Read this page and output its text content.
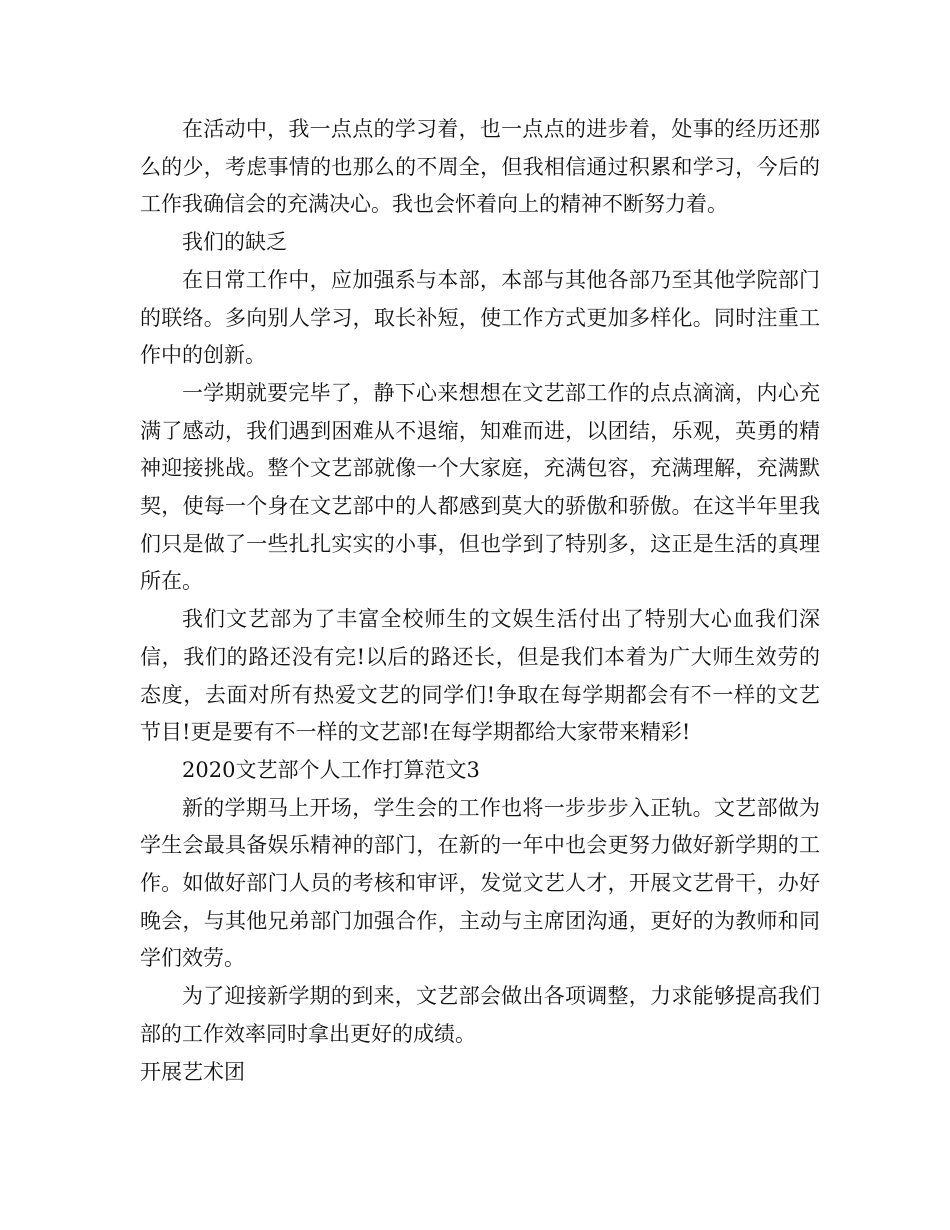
在活动中，我一点点的学习着，也一点点的进步着，处事的经历还那么的少，考虑事情的也那么的不周全，但我相信通过积累和学习，今后的工作我确信会的充满决心。我也会怀着向上的精神不断努力着。

我们的缺乏

在日常工作中，应加强系与本部，本部与其他各部乃至其他学院部门的联络。多向别人学习，取长补短，使工作方式更加多样化。同时注重工作中的创新。

一学期就要完毕了，静下心来想想在文艺部工作的点点滴滴，内心充满了感动，我们遇到困难从不退缩，知难而进，以团结，乐观，英勇的精神迎接挑战。整个文艺部就像一个大家庭，充满包容，充满理解，充满默契，使每一个身在文艺部中的人都感到莫大的骄傲和骄傲。在这半年里我们只是做了一些扎扎实实的小事，但也学到了特别多，这正是生活的真理所在。

我们文艺部为了丰富全校师生的文娱生活付出了特别大心血我们深信，我们的路还没有完!以后的路还长，但是我们本着为广大师生效劳的态度，去面对所有热爱文艺的同学们!争取在每学期都会有不一样的文艺节目!更是要有不一样的文艺部!在每学期都给大家带来精彩!

2020文艺部个人工作打算范文3

新的学期马上开场，学生会的工作也将一步步步入正轨。文艺部做为学生会最具备娱乐精神的部门，在新的一年中也会更努力做好新学期的工作。如做好部门人员的考核和审评，发觉文艺人才，开展文艺骨干，办好晚会，与其他兄弟部门加强合作，主动与主席团沟通，更好的为教师和同学们效劳。

为了迎接新学期的到来，文艺部会做出各项调整，力求能够提高我们部的工作效率同时拿出更好的成绩。

开展艺术团
